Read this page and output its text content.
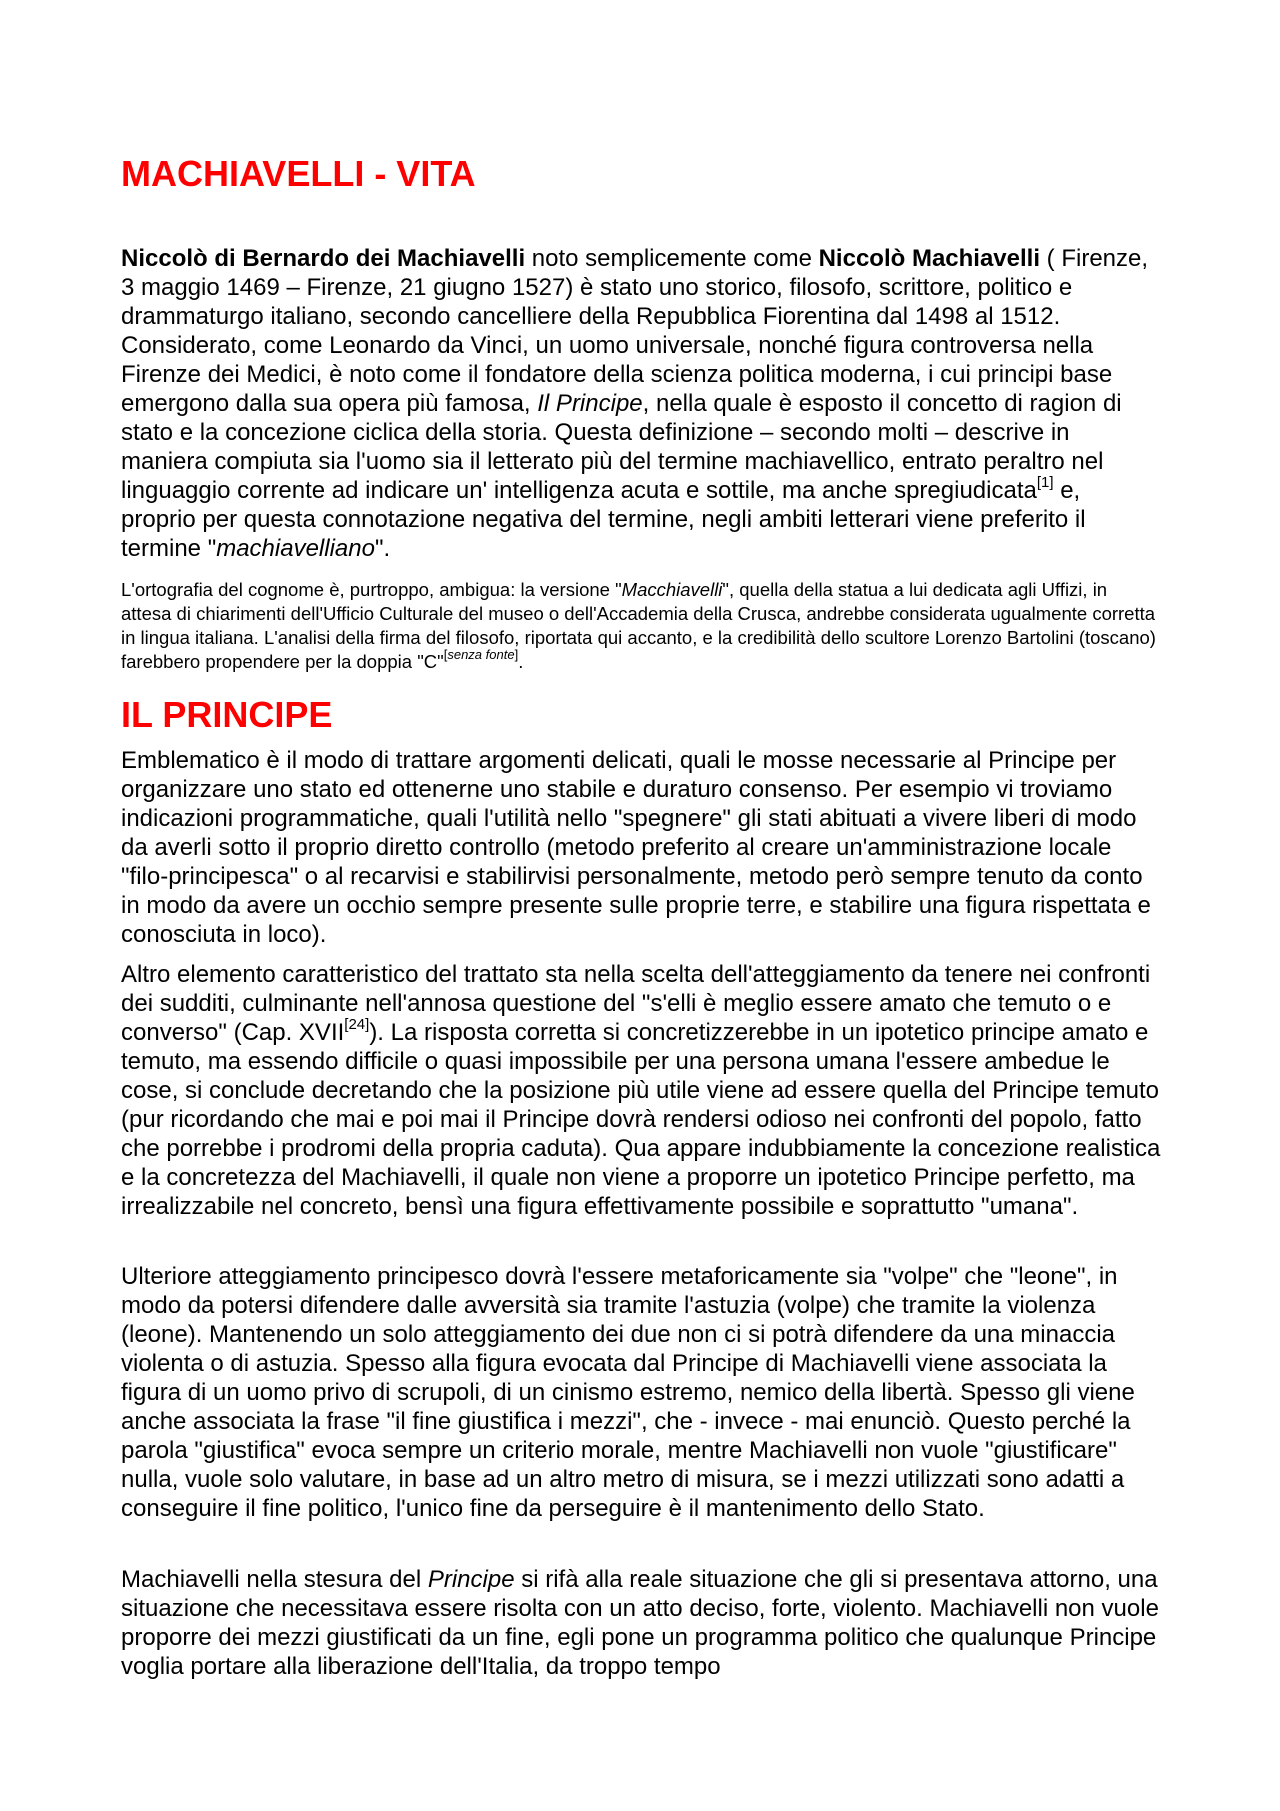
MACHIAVELLI - VITA

Niccolò di Bernardo dei Machiavelli noto semplicemente come Niccolò Machiavelli ( Firenze, 3 maggio 1469 – Firenze, 21 giugno 1527) è stato uno storico, filosofo, scrittore, politico e drammaturgo italiano, secondo cancelliere della Repubblica Fiorentina dal 1498 al 1512. Considerato, come Leonardo da Vinci, un uomo universale, nonché figura controversa nella Firenze dei Medici, è noto come il fondatore della scienza politica moderna, i cui principi base emergono dalla sua opera più famosa, Il Principe, nella quale è esposto il concetto di ragion di stato e la concezione ciclica della storia. Questa definizione – secondo molti – descrive in maniera compiuta sia l'uomo sia il letterato più del termine machiavellico, entrato peraltro nel linguaggio corrente ad indicare un' intelligenza acuta e sottile, ma anche spregiudicata[1] e, proprio per questa connotazione negativa del termine, negli ambiti letterari viene preferito il termine "machiavelliano".

L'ortografia del cognome è, purtroppo, ambigua: la versione "Macchiavelli", quella della statua a lui dedicata agli Uffizi, in attesa di chiarimenti dell'Ufficio Culturale del museo o dell'Accademia della Crusca, andrebbe considerata ugualmente corretta in lingua italiana. L'analisi della firma del filosofo, riportata qui accanto, e la credibilità dello scultore Lorenzo Bartolini (toscano) farebbero propendere per la doppia "C"[senza fonte].

IL PRINCIPE

Emblematico è il modo di trattare argomenti delicati, quali le mosse necessarie al Principe per organizzare uno stato ed ottenerne uno stabile e duraturo consenso. Per esempio vi troviamo indicazioni programmatiche, quali l'utilità nello "spegnere" gli stati abituati a vivere liberi di modo da averli sotto il proprio diretto controllo (metodo preferito al creare un'amministrazione locale "filo-principesca" o al recarvisi e stabilirvisi personalmente, metodo però sempre tenuto da conto in modo da avere un occhio sempre presente sulle proprie terre, e stabilire una figura rispettata e conosciuta in loco).

Altro elemento caratteristico del trattato sta nella scelta dell'atteggiamento da tenere nei confronti dei sudditi, culminante nell'annosa questione del "s'elli è meglio essere amato che temuto o e converso" (Cap. XVII[24]). La risposta corretta si concretizzerebbe in un ipotetico principe amato e temuto, ma essendo difficile o quasi impossibile per una persona umana l'essere ambedue le cose, si conclude decretando che la posizione più utile viene ad essere quella del Principe temuto (pur ricordando che mai e poi mai il Principe dovrà rendersi odioso nei confronti del popolo, fatto che porrebbe i prodromi della propria caduta). Qua appare indubbiamente la concezione realistica e la concretezza del Machiavelli, il quale non viene a proporre un ipotetico Principe perfetto, ma irrealizzabile nel concreto, bensì una figura effettivamente possibile e soprattutto "umana".

Ulteriore atteggiamento principesco dovrà l'essere metaforicamente sia "volpe" che "leone", in modo da potersi difendere dalle avversità sia tramite l'astuzia (volpe) che tramite la violenza (leone). Mantenendo un solo atteggiamento dei due non ci si potrà difendere da una minaccia violenta o di astuzia. Spesso alla figura evocata dal Principe di Machiavelli viene associata la figura di un uomo privo di scrupoli, di un cinismo estremo, nemico della libertà. Spesso gli viene anche associata la frase "il fine giustifica i mezzi", che - invece - mai enunciò. Questo perché la parola "giustifica" evoca sempre un criterio morale, mentre Machiavelli non vuole "giustificare" nulla, vuole solo valutare, in base ad un altro metro di misura, se i mezzi utilizzati sono adatti a conseguire il fine politico, l'unico fine da perseguire è il mantenimento dello Stato.

Machiavelli nella stesura del Principe si rifà alla reale situazione che gli si presentava attorno, una situazione che necessitava essere risolta con un atto deciso, forte, violento. Machiavelli non vuole proporre dei mezzi giustificati da un fine, egli pone un programma politico che qualunque Principe voglia portare alla liberazione dell'Italia, da troppo tempo
